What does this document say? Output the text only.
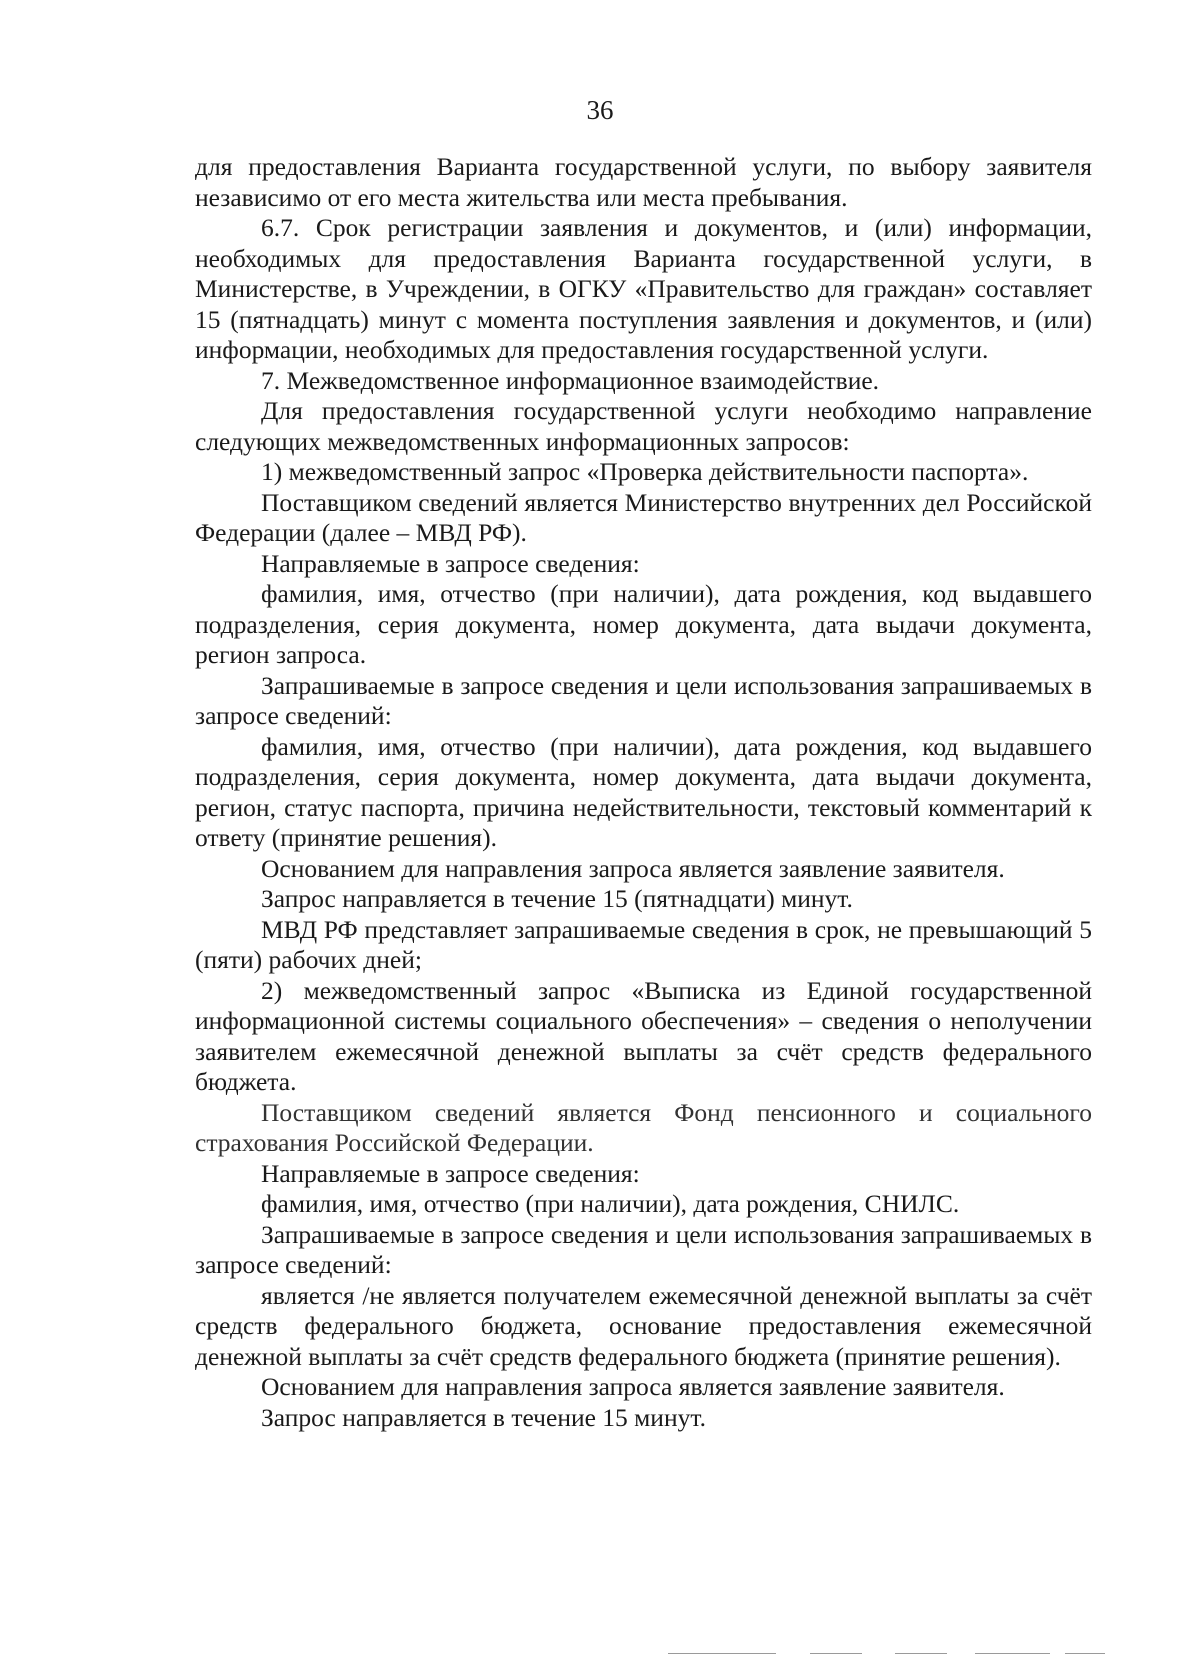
36

для предоставления Варианта государственной услуги, по выбору заявителя независимо от его места жительства или места пребывания.

6.7. Срок регистрации заявления и документов, и (или) информации, необходимых для предоставления Варианта государственной услуги, в Министерстве, в Учреждении, в ОГКУ «Правительство для граждан» составляет 15 (пятнадцать) минут с момента поступления заявления и документов, и (или) информации, необходимых для предоставления государственной услуги.

7. Межведомственное информационное взаимодействие.

Для предоставления государственной услуги необходимо направление следующих межведомственных информационных запросов:

1) межведомственный запрос «Проверка действительности паспорта».

Поставщиком сведений является Министерство внутренних дел Российской Федерации (далее – МВД РФ).

Направляемые в запросе сведения:

фамилия, имя, отчество (при наличии), дата рождения, код выдавшего подразделения, серия документа, номер документа, дата выдачи документа, регион запроса.

Запрашиваемые в запросе сведения и цели использования запрашиваемых в запросе сведений:

фамилия, имя, отчество (при наличии), дата рождения, код выдавшего подразделения, серия документа, номер документа, дата выдачи документа, регион, статус паспорта, причина недействительности, текстовый комментарий к ответу (принятие решения).

Основанием для направления запроса является заявление заявителя.

Запрос направляется в течение 15 (пятнадцати) минут.

МВД РФ представляет запрашиваемые сведения в срок, не превышающий 5 (пяти) рабочих дней;

2) межведомственный запрос «Выписка из Единой государственной информационной системы социального обеспечения» – сведения о неполучении заявителем ежемесячной денежной выплаты за счёт средств федерального бюджета.

Поставщиком сведений является Фонд пенсионного и социального страхования Российской Федерации.

Направляемые в запросе сведения:

фамилия, имя, отчество (при наличии), дата рождения, СНИЛС.

Запрашиваемые в запросе сведения и цели использования запрашиваемых в запросе сведений:

является /не является получателем ежемесячной денежной выплаты за счёт средств федерального бюджета, основание предоставления ежемесячной денежной выплаты за счёт средств федерального бюджета (принятие решения).

Основанием для направления запроса является заявление заявителя.

Запрос направляется в течение 15 минут.
